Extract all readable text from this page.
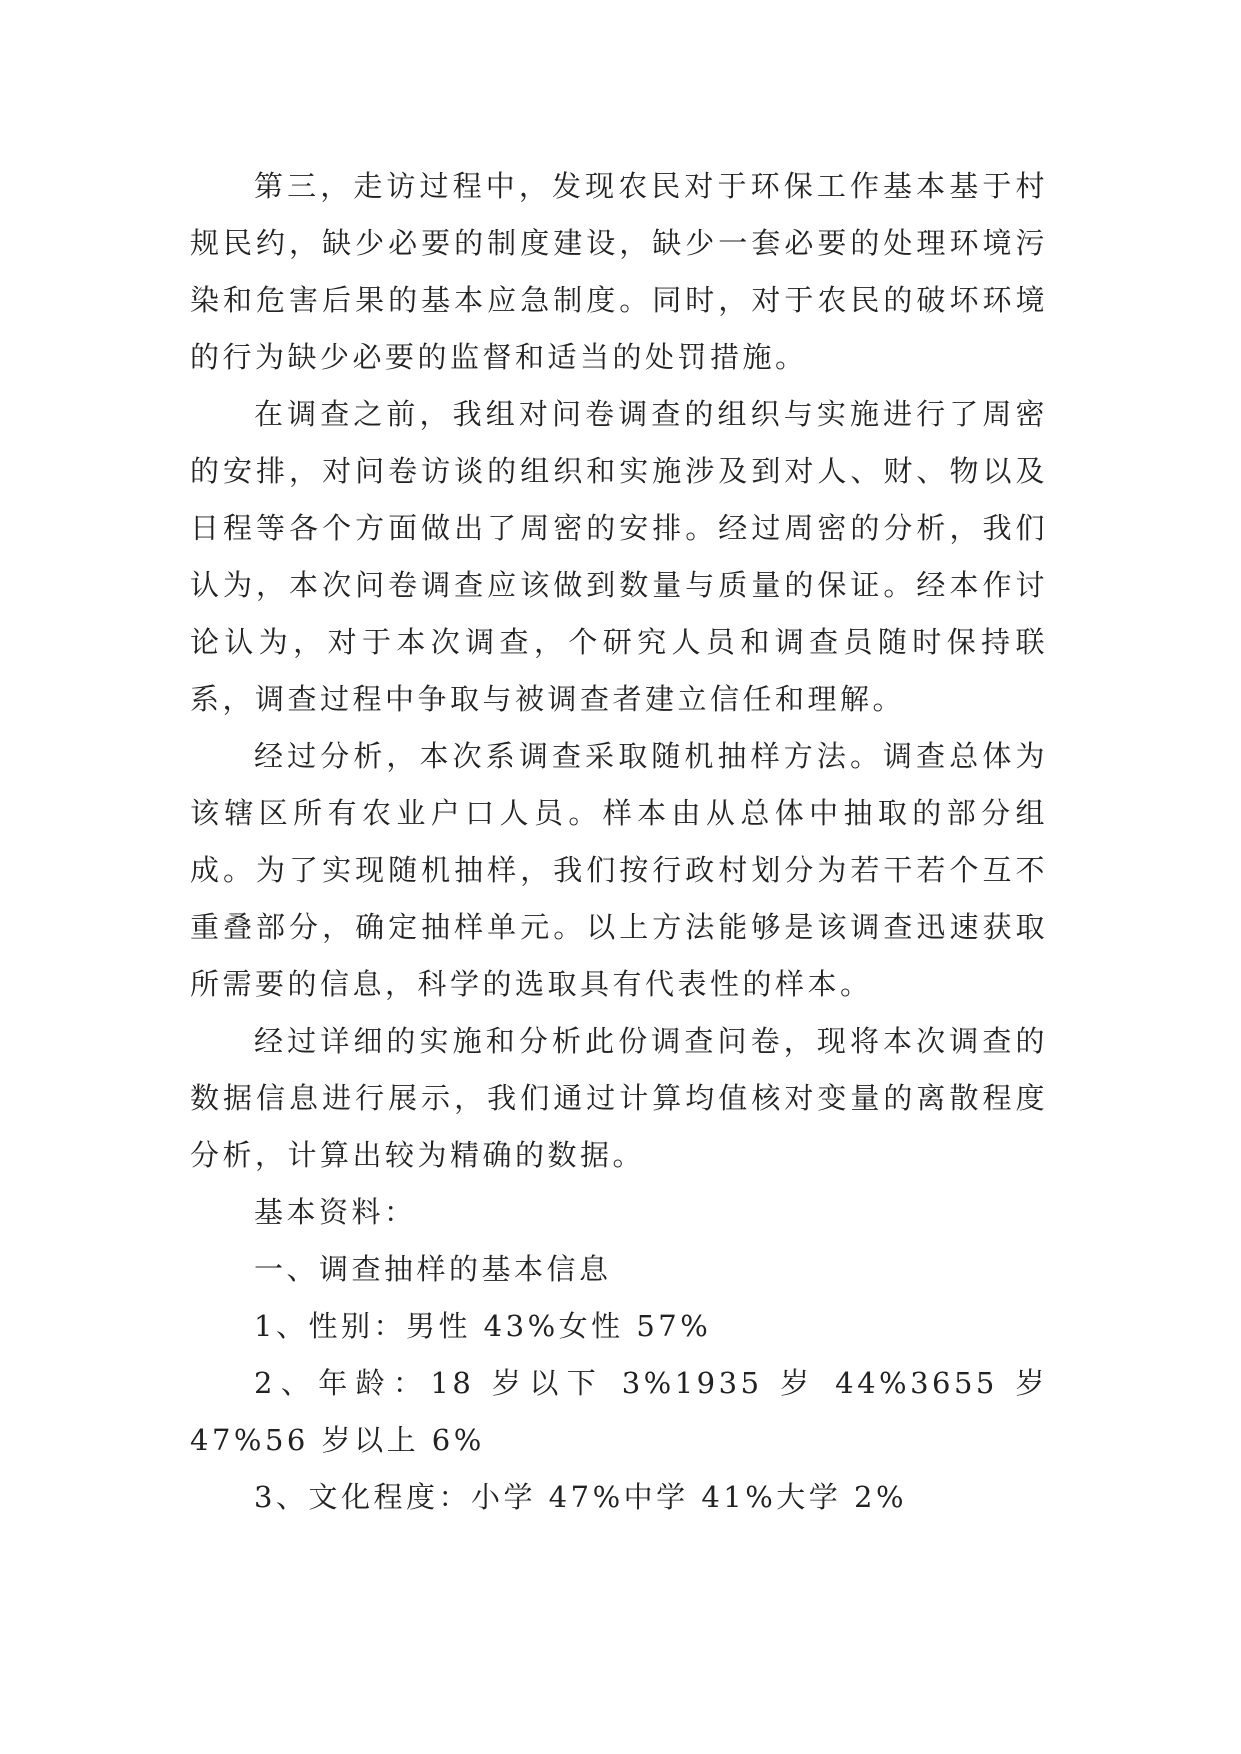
第三，走访过程中，发现农民对于环保工作基本基于村规民约，缺少必要的制度建设，缺少一套必要的处理环境污染和危害后果的基本应急制度。同时，对于农民的破坏环境的行为缺少必要的监督和适当的处罚措施。

在调查之前，我组对问卷调查的组织与实施进行了周密的安排，对问卷访谈的组织和实施涉及到对人、财、物以及日程等各个方面做出了周密的安排。经过周密的分析，我们认为，本次问卷调查应该做到数量与质量的保证。经本作讨论认为，对于本次调查，个研究人员和调查员随时保持联系，调查过程中争取与被调查者建立信任和理解。

经过分析，本次系调查采取随机抽样方法。调查总体为该辖区所有农业户口人员。样本由从总体中抽取的部分组成。为了实现随机抽样，我们按行政村划分为若干若个互不重叠部分，确定抽样单元。以上方法能够是该调查迅速获取所需要的信息，科学的选取具有代表性的样本。

经过详细的实施和分析此份调查问卷，现将本次调查的数据信息进行展示，我们通过计算均值核对变量的离散程度分析，计算出较为精确的数据。

基本资料：

一、调查抽样的基本信息

1、性别：男性 43%女性 57%

2、年龄：18 岁以下 3%1935 岁 44%3655 岁 47%56 岁以上 6%

3、文化程度：小学 47%中学 41%大学 2%
